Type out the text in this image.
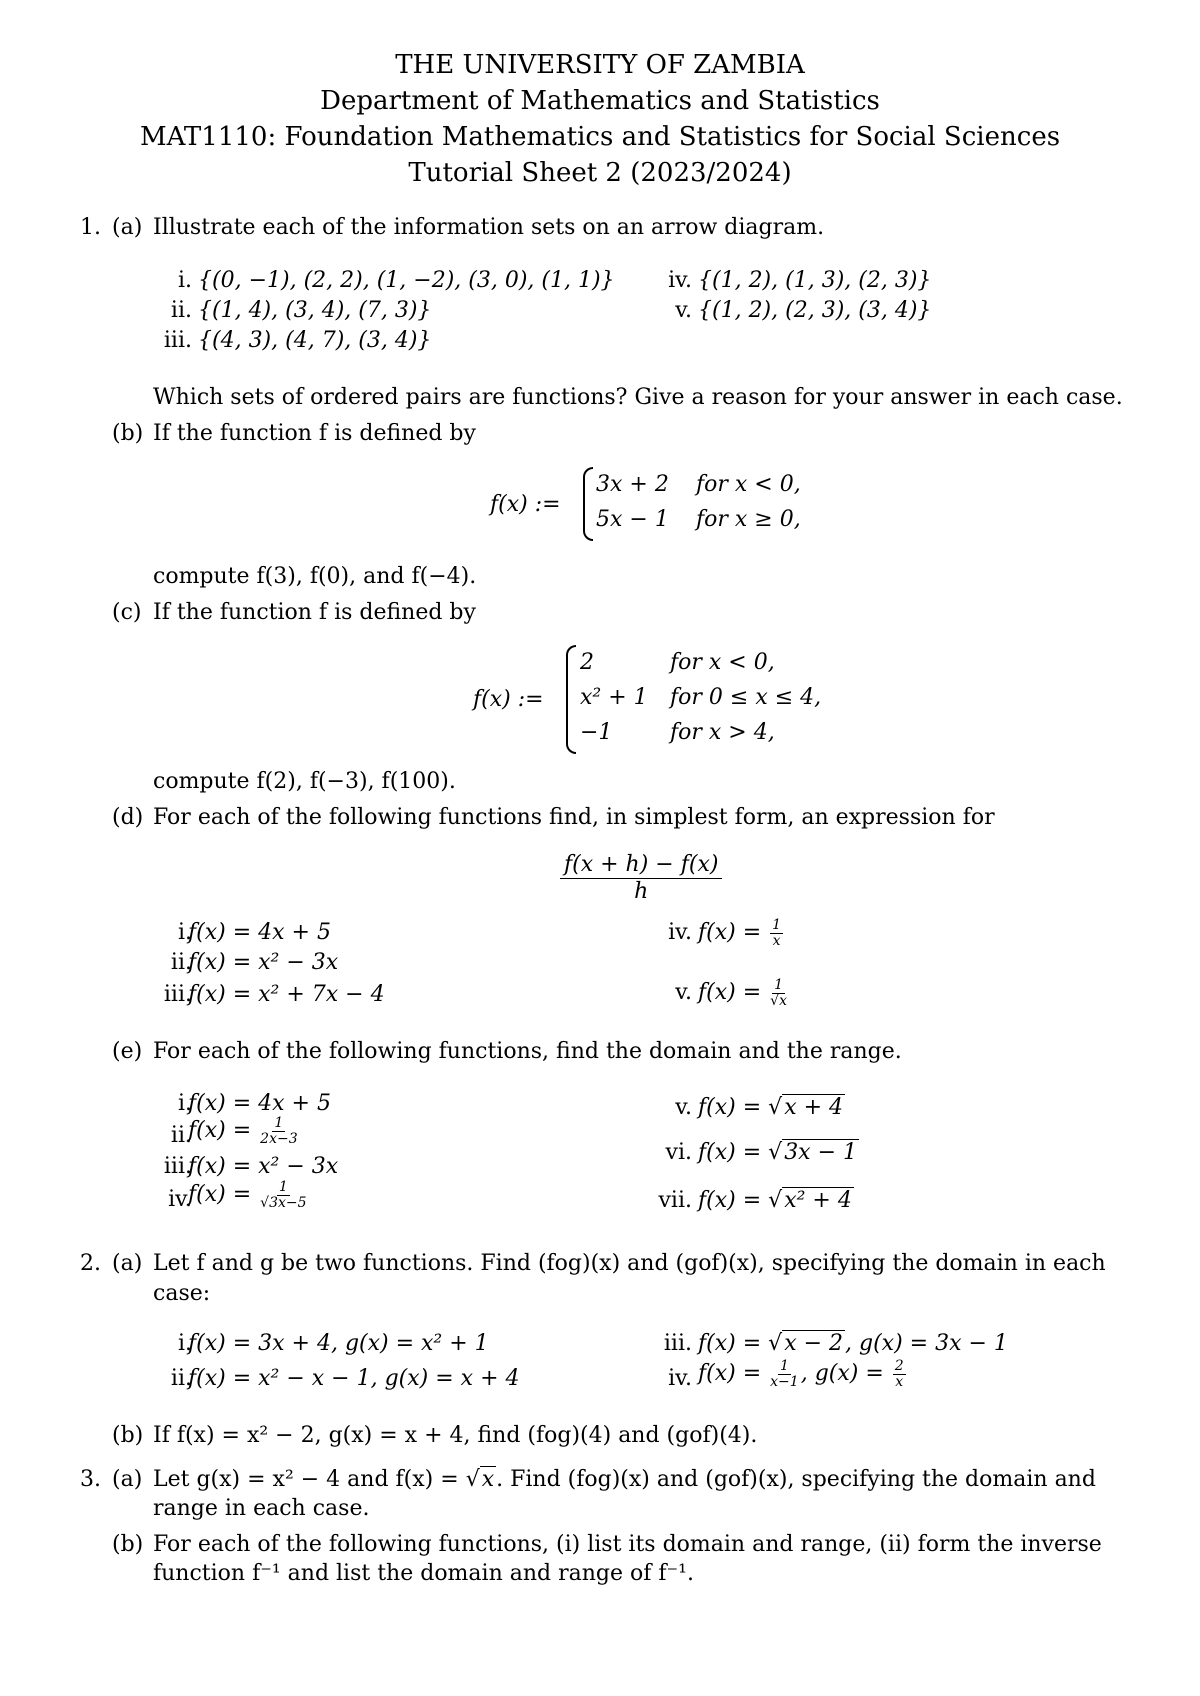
THE UNIVERSITY OF ZAMBIA
Department of Mathematics and Statistics
MAT1110: Foundation Mathematics and Statistics for Social Sciences
Tutorial Sheet 2 (2023/2024)
1. (a) Illustrate each of the information sets on an arrow diagram.
i. {(0, −1), (2, 2), (1, −2), (3, 0), (1, 1)}
ii. {(1, 4), (3, 4), (7, 3)}
iii. {(4, 3), (4, 7), (3, 4)}
iv. {(1, 2), (1, 3), (2, 3)}
v. {(1, 2), (2, 3), (3, 4)}
Which sets of ordered pairs are functions? Give a reason for your answer in each case.
(b) If the function f is defined by
f(x) :=
3x + 2 for x < 0,
5x − 1 for x ≥ 0,
compute f(3), f(0), and f(−4).
(c) If the function f is defined by
f(x) :=
2	for x < 0,
x² + 1 for 0 ≤ x ≤ 4,
−1	for x > 4,
compute f(2), f(−3), f(100).
(d) For each of the following functions find, in simplest form, an expression for
$\frac{f(x + h) - f(x)}{h}$
i.
f(x) = 4x + 5
ii.
f(x) = x² − 3x
iii.
f(x) = x² + 7x − 4
iv. $f(x) = \frac{1}{x}$
v. $f(x) = \frac{1}{√x}$
(e) For each of the following functions, find the domain and the range.
i.
f(x) = 4x + 5
ii.
$f(x) = \frac{1}{2x-3}$
iii.
f(x) = x² − 3x
iv.
$f(x) = \frac{1}{√3x-5}$
v. f(x) = √x + 4
vi. f(x) = √3x − 1
vii. f(x) = √x² + 4
2. (a) Let f and g be two functions. Find (fog)(x) and (gof)(x), specifying the domain in each
case:
i.
f(x) = 3x + 4, g(x) = x² + 1
ii.
f(x) = x² − x − 1, g(x) = x + 4
iii. f(x) = √x − 2, g(x) = 3x − 1
iv. $f(x) = \frac{1}{x-1}$ , $g(x) = \frac{2}{x}$
(b) If f(x) = x² − 2, g(x) = x + 4, find (fog)(4) and (gof)(4).
3. (a) Let g(x) = x² − 4 and f(x) = √x. Find (fog)(x) and (gof)(x), specifying the domain and
range in each case.
(b) For each of the following functions, (i) list its domain and range, (ii) form the inverse
function f⁻¹ and list the domain and range of f⁻¹.
